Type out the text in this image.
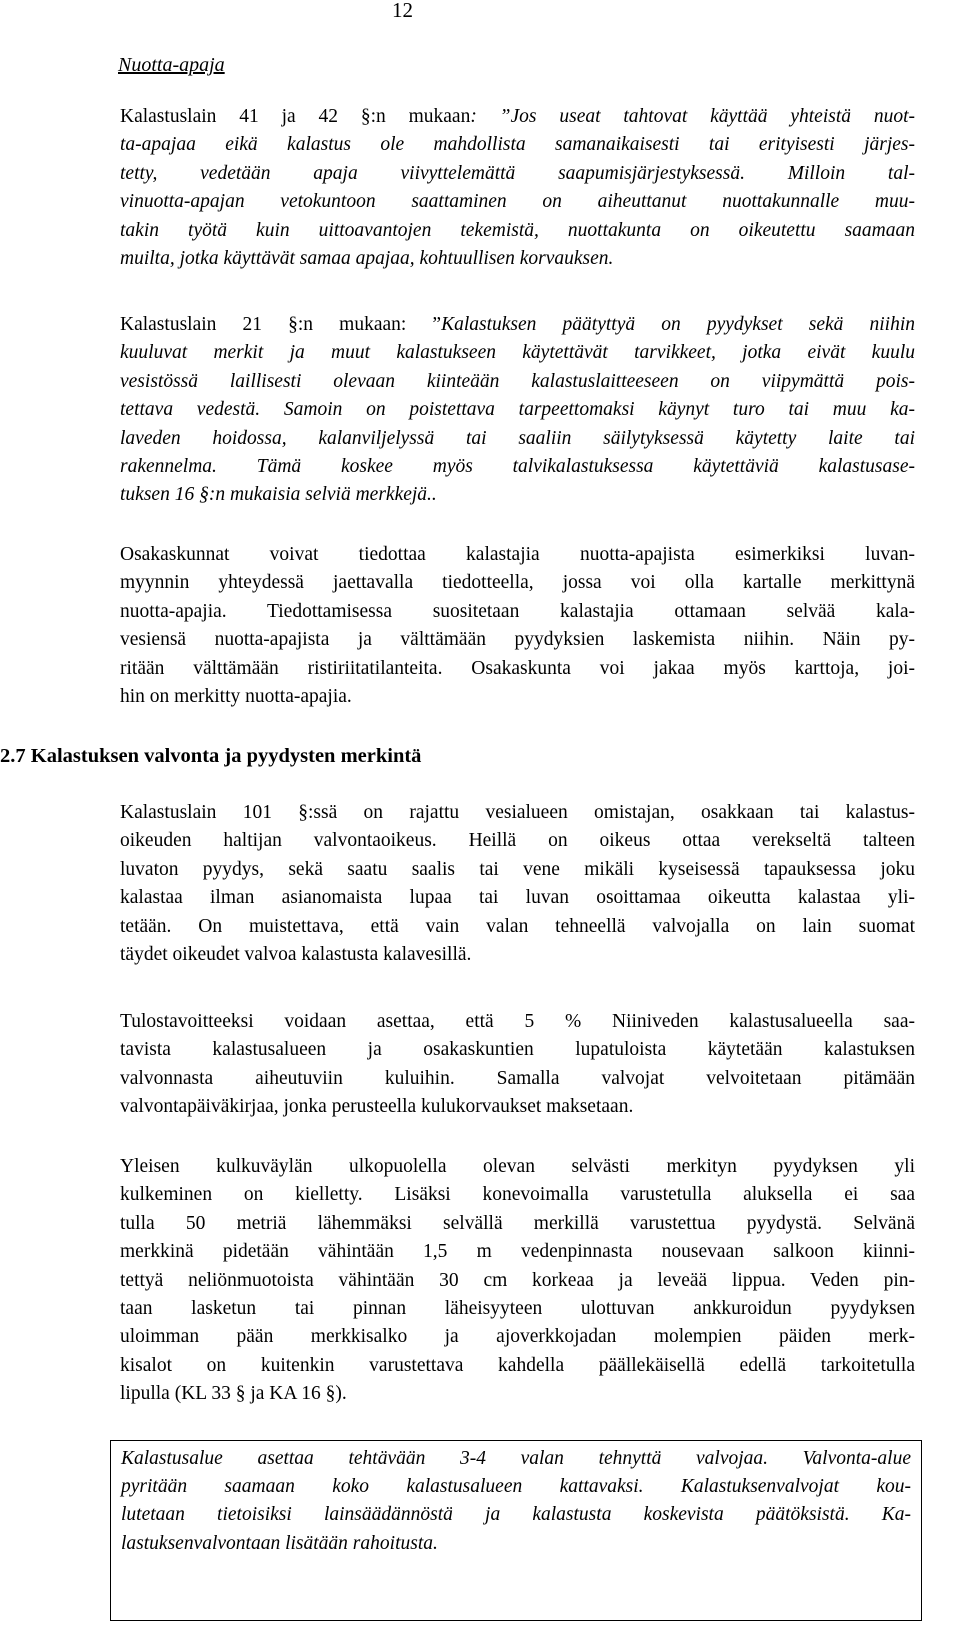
12
Nuotta-apaja
Kalastuslain 41 ja 42 §:n mukaan: ”Jos useat tahtovat käyttää yhteistä nuot-
ta-apajaa eikä kalastus ole mahdollista samanaikaisesti tai erityisesti järjes-
tetty, vedetään apaja viivyttelemättä saapumisjärjestyksessä. Milloin tal-
vinuotta-apajan vetokuntoon saattaminen on aiheuttanut nuottakunnalle muu-
takin työtä kuin uittoavantojen tekemistä, nuottakunta on oikeutettu saamaan
muilta, jotka käyttävät samaa apajaa, kohtuullisen korvauksen.
Kalastuslain 21 §:n mukaan: ”Kalastuksen päätyttyä on pyydykset sekä niihin
kuuluvat merkit ja muut kalastukseen käytettävät tarvikkeet, jotka eivät kuulu
vesistössä laillisesti olevaan kiinteään kalastuslaitteeseen on viipymättä pois-
tettava vedestä. Samoin on poistettava tarpeettomaksi käynyt turo tai muu ka-
laveden hoidossa, kalanviljelyssä tai saaliin säilytyksessä käytetty laite tai
rakennelma. Tämä koskee myös talvikalastuksessa käytettäviä kalastusase-
tuksen 16 §:n mukaisia selviä merkkejä..
Osakaskunnat voivat tiedottaa kalastajia nuotta-apajista esimerkiksi luvan-
myynnin yhteydessä jaettavalla tiedotteella, jossa voi olla kartalle merkittynä
nuotta-apajia. Tiedottamisessa suositetaan kalastajia ottamaan selvää kala-
vesiensä nuotta-apajista ja välttämään pyydyksien laskemista niihin. Näin py-
ritään välttämään ristiriitatilanteita. Osakaskunta voi jakaa myös karttoja, joi-
hin on merkitty nuotta-apajia.
2.7 Kalastuksen valvonta ja pyydysten merkintä
Kalastuslain 101 §:ssä on rajattu vesialueen omistajan, osakkaan tai kalastus-
oikeuden haltijan valvontaoikeus. Heillä on oikeus ottaa verekseltä talteen
luvaton pyydys, sekä saatu saalis tai vene mikäli kyseisessä tapauksessa joku
kalastaa ilman asianomaista lupaa tai luvan osoittamaa oikeutta kalastaa yli-
tetään. On muistettava, että vain valan tehneellä valvojalla on lain suomat
täydet oikeudet valvoa kalastusta kalavesillä.
Tulostavoitteeksi voidaan asettaa, että 5 % Niiniveden kalastusalueella saa-
tavista kalastusalueen ja osakaskuntien lupatuloista käytetään kalastuksen
valvonnasta aiheutuviin kuluihin. Samalla valvojat velvoitetaan pitämään
valvontapäiväkirjaa, jonka perusteella kulukorvaukset maksetaan.
Yleisen kulkuväylän ulkopuolella olevan selvästi merkityn pyydyksen yli
kulkeminen on kielletty. Lisäksi konevoimalla varustetulla aluksella ei saa
tulla 50 metriä lähemmäksi selvällä merkillä varustettua pyydystä. Selvänä
merkkinä pidetään vähintään 1,5 m vedenpinnasta nousevaan salkoon kiinni-
tettyä neliönmuotoista vähintään 30 cm korkeaa ja leveää lippua. Veden pin-
taan lasketun tai pinnan läheisyyteen ulottuvan ankkuroidun pyydyksen
uloimman pään merkkisalko ja ajoverkkojadan molempien päiden merk-
kisalot on kuitenkin varustettava kahdella päällekäisellä edellä tarkoitetulla
lipulla (KL 33 § ja KA 16 §).
Kalastusalue asettaa tehtävään 3-4 valan tehnyttä valvojaa. Valvonta-alue
pyritään saamaan koko kalastusalueen kattavaksi. Kalastuksenvalvojat kou-
lutetaan tietoisiksi lainsäädännöstä ja kalastusta koskevista päätöksistä. Ka-
lastuksenvalvontaan lisätään rahoitusta.
